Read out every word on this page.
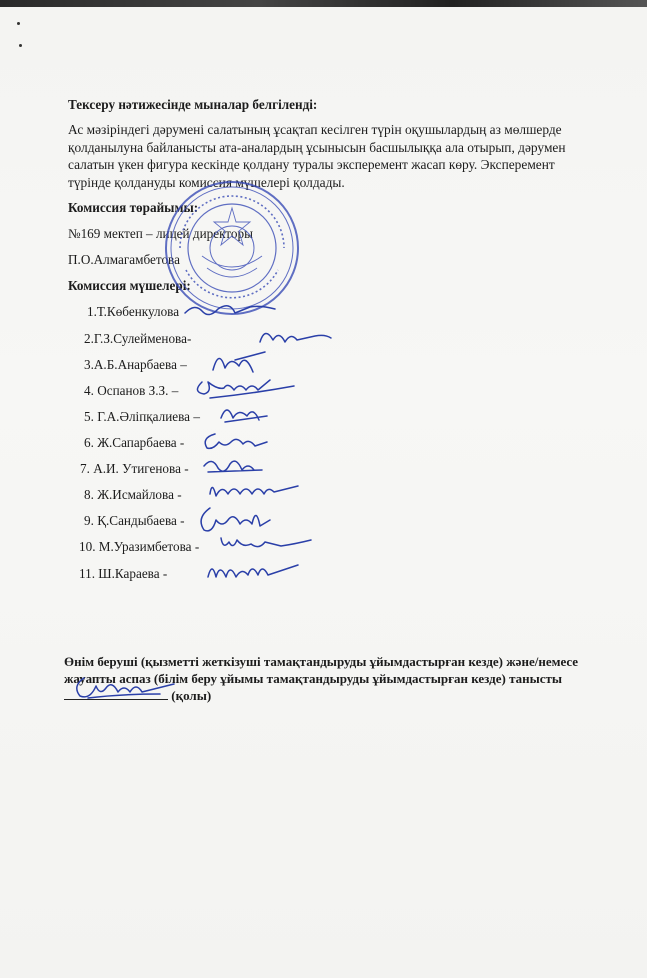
Тексеру нәтижесінде мыналар белгіленді:
Ас мәзіріндегі дәрумені салатының ұсақтап кесілген түрін оқушылардың аз мөлшерде
қолданылуна байланысты ата-аналардың ұсынысын басшылыққа ала отырып, дәрумен
салатын үкен фигура кескінде қолдану туралы эксперемент жасап көру. Эксперемент
түрінде қолдануды комиссия мүшелері қолдады.
Комиссия төрайымы:
№169 мектеп – лицей директоры
П.О.Алмагамбетова
Комиссия мүшелері:
1.Т.Көбенкулова
2.Г.З.Сулейменова-
3.А.Б.Анарбаева –
4. Оспанов З.З. –
5. Г.А.Әліпқалиева –
6. Ж.Сапарбаева -
7. А.И. Утигенова -
8. Ж.Исмайлова -
9. Қ.Сандыбаева -
10. М.Уразимбетова -
11. Ш.Караева -
Өнім беруші (қызметті жеткізуші тамақтандыруды ұйымдастырған кезде) және/немесе
жауапты аспаз (білім беру ұйымы тамақтандыруды ұйымдастырған кезде) танысты
(қолы)
